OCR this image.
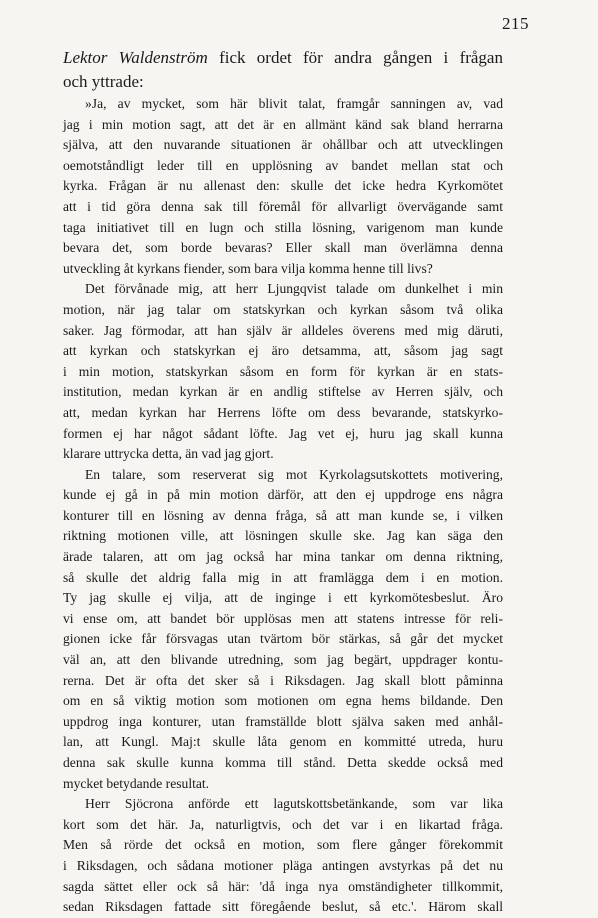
215
Lektor Waldenström fick ordet för andra gången i frågan
och yttrade:
»Ja, av mycket, som här blivit talat, framgår sanningen av, vad
jag i min motion sagt, att det är en allmänt känd sak bland herrarna
själva, att den nuvarande situationen är ohållbar och att utvecklingen
oemotståndligt leder till en upplösning av bandet mellan stat och
kyrka. Frågan är nu allenast den: skulle det icke hedra Kyrkomötet
att i tid göra denna sak till föremål för allvarligt övervägande samt
taga initiativet till en lugn och stilla lösning, varigenom man kunde
bevara det, som borde bevaras? Eller skall man överlämna denna
utveckling åt kyrkans fiender, som bara vilja komma henne till livs?
Det förvånade mig, att herr Ljungqvist talade om dunkelhet i min
motion, när jag talar om statskyrkan och kyrkan såsom två olika
saker. Jag förmodar, att han själv är alldeles överens med mig däruti,
att kyrkan och statskyrkan ej äro detsamma, att, såsom jag sagt
i min motion, statskyrkan såsom en form för kyrkan är en stats-
institution, medan kyrkan är en andlig stiftelse av Herren själv, och
att, medan kyrkan har Herrens löfte om dess bevarande, statskyrko-
formen ej har något sådant löfte. Jag vet ej, huru jag skall kunna
klarare uttrycka detta, än vad jag gjort.
En talare, som reserverat sig mot Kyrkolagsutskottets motivering,
kunde ej gå in på min motion därför, att den ej uppdroge ens några
konturer till en lösning av denna fråga, så att man kunde se, i vilken
riktning motionen ville, att lösningen skulle ske. Jag kan säga den
ärade talaren, att om jag också har mina tankar om denna riktning,
så skulle det aldrig falla mig in att framlägga dem i en motion.
Ty jag skulle ej vilja, att de inginge i ett kyrkomötesbeslut. Äro
vi ense om, att bandet bör upplösas men att statens intresse för reli-
gionen icke får försvagas utan tvärtom bör stärkas, så går det mycket
väl an, att den blivande utredning, som jag begärt, uppdrager kontu-
rerna. Det är ofta det sker så i Riksdagen. Jag skall blott påminna
om en så viktig motion som motionen om egna hems bildande. Den
uppdrog inga konturer, utan framställde blott själva saken med anhål-
lan, att Kungl. Maj:t skulle låta genom en kommitté utreda, huru
denna sak skulle kunna komma till stånd. Detta skedde också med
mycket betydande resultat.
Herr Sjöcrona anförde ett lagutskottsbetänkande, som var lika
kort som det här. Ja, naturligtvis, och det var i en likartad fråga.
Men så rörde det också en motion, som flere gånger förekommit
i Riksdagen, och sådana motioner pläga antingen avstyrkas på det nu
sagda sättet eller ock så här: 'då inga nya omständigheter tillkommit,
sedan Riksdagen fattade sitt föregående beslut, så etc.'. Härom skall
